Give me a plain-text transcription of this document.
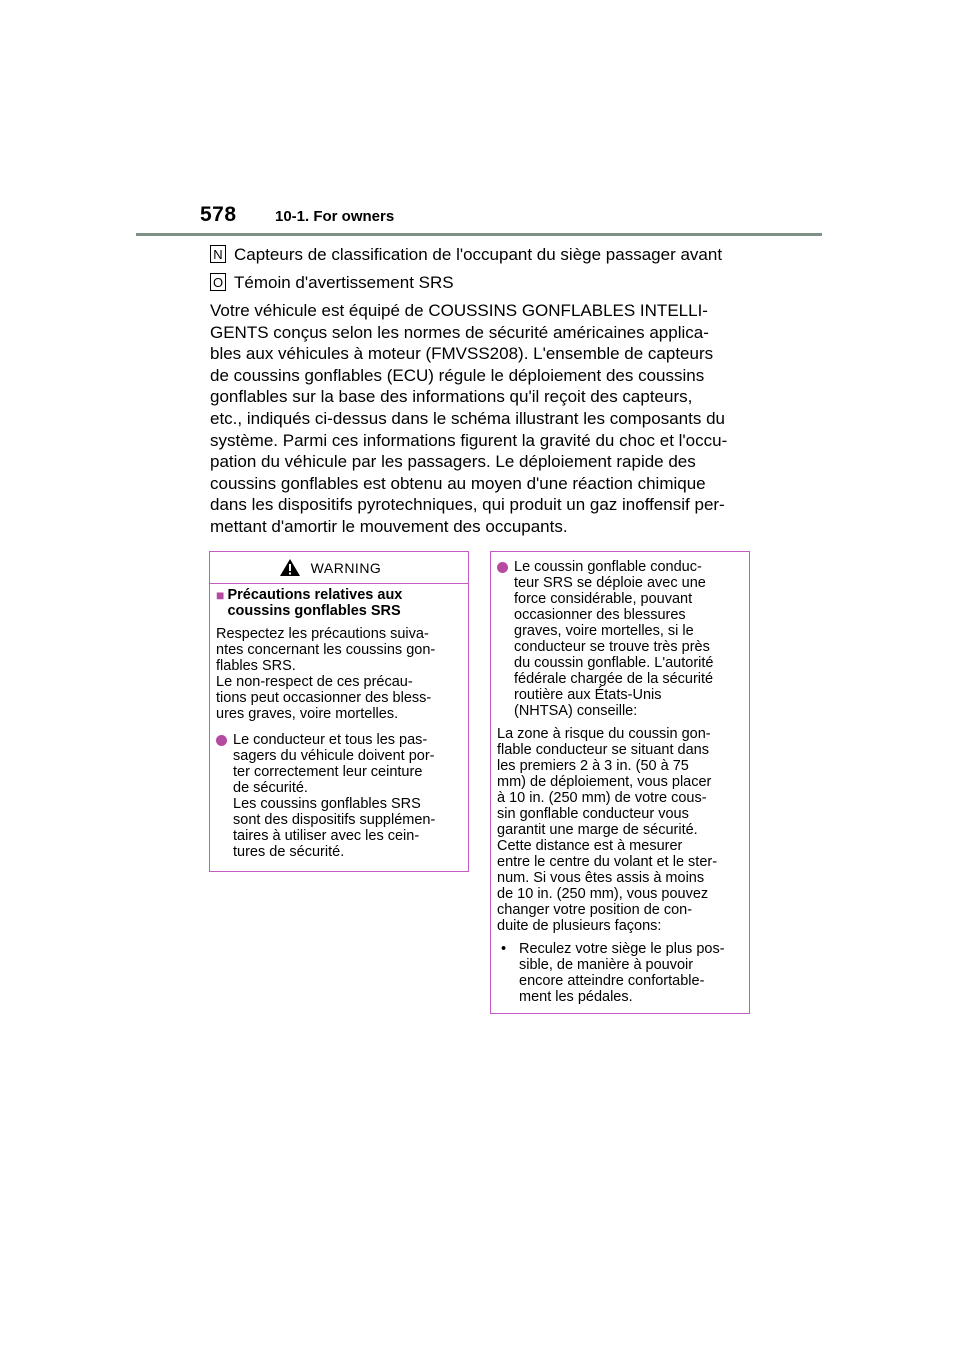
578	10-1. For owners
N Capteurs de classification de l'occupant du siège passager avant
O Témoin d'avertissement SRS
Votre véhicule est équipé de COUSSINS GONFLABLES INTELLI-
GENTS conçus selon les normes de sécurité américaines applica-
bles aux véhicules à moteur (FMVSS208). L'ensemble de capteurs
de coussins gonflables (ECU) régule le déploiement des coussins
gonflables sur la base des informations qu'il reçoit des capteurs,
etc., indiqués ci-dessus dans le schéma illustrant les composants du
système. Parmi ces informations figurent la gravité du choc et l'occu-
pation du véhicule par les passagers. Le déploiement rapide des
coussins gonflables est obtenu au moyen d'une réaction chimique
dans les dispositifs pyrotechniques, qui produit un gaz inoffensif per-
mettant d'amortir le mouvement des occupants.
WARNING
■ Précautions relatives aux
coussins gonflables SRS
Respectez les précautions suiva-
ntes concernant les coussins gon-
flables SRS.
Le non-respect de ces précau-
tions peut occasionner des bless-
ures graves, voire mortelles.
Le conducteur et tous les pas-
sagers du véhicule doivent por-
ter correctement leur ceinture
de sécurité.
Les coussins gonflables SRS
sont des dispositifs supplémen-
taires à utiliser avec les cein-
tures de sécurité.
Le coussin gonflable conduc-
teur SRS se déploie avec une
force considérable, pouvant
occasionner des blessures
graves, voire mortelles, si le
conducteur se trouve très près
du coussin gonflable. L'autorité
fédérale chargée de la sécurité
routière aux États-Unis
(NHTSA) conseille:
La zone à risque du coussin gon-
flable conducteur se situant dans
les premiers 2 à 3 in. (50 à 75
mm) de déploiement, vous placer
à 10 in. (250 mm) de votre cous-
sin gonflable conducteur vous
garantit une marge de sécurité.
Cette distance est à mesurer
entre le centre du volant et le ster-
num. Si vous êtes assis à moins
de 10 in. (250 mm), vous pouvez
changer votre position de con-
duite de plusieurs façons:
• Reculez votre siège le plus pos-
sible, de manière à pouvoir
encore atteindre confortable-
ment les pédales.
